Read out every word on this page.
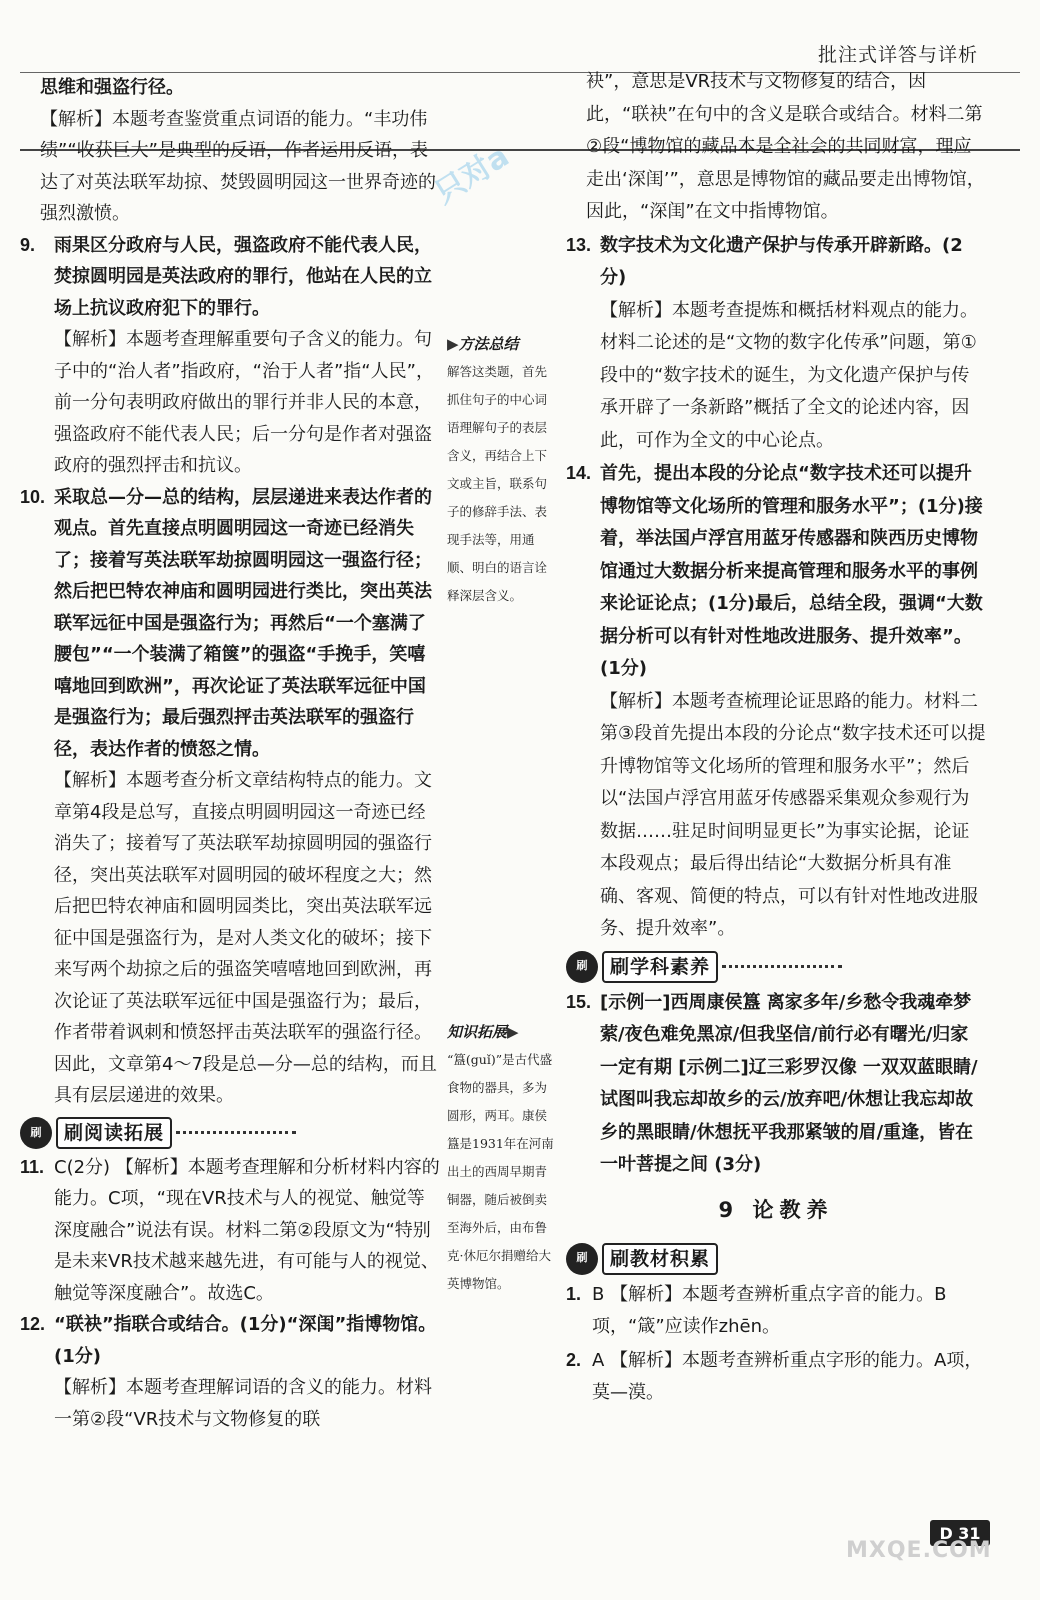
批注式详答与详析
只对a

思维和强盗行径。

【解析】本题考查鉴赏重点词语的能力。“丰功伟绩”“收获巨大”是典型的反语，作者运用反语，表达了对英法联军劫掠、焚毁圆明园这一世界奇迹的强烈激愤。

9. 雨果区分政府与人民，强盗政府不能代表人民，焚掠圆明园是英法政府的罪行，他站在人民的立场上抗议政府犯下的罪行。

【解析】本题考查理解重要句子含义的能力。句子中的“治人者”指政府，“治于人者”指“人民”，前一分句表明政府做出的罪行并非人民的本意，强盗政府不能代表人民；后一分句是作者对强盗政府的强烈抨击和抗议。

10. 采取总—分—总的结构，层层递进来表达作者的观点。首先直接点明圆明园这一奇迹已经消失了；接着写英法联军劫掠圆明园这一强盗行径；然后把巴特农神庙和圆明园进行类比，突出英法联军远征中国是强盗行为；再然后“一个塞满了腰包”“一个装满了箱箧”的强盗“手挽手，笑嘻嘻地回到欧洲”，再次论证了英法联军远征中国是强盗行为；最后强烈抨击英法联军的强盗行径，表达作者的愤怒之情。

【解析】本题考查分析文章结构特点的能力。文章第4段是总写，直接点明圆明园这一奇迹已经消失了；接着写了英法联军劫掠圆明园的强盗行径，突出英法联军对圆明园的破坏程度之大；然后把巴特农神庙和圆明园类比，突出英法联军远征中国是强盗行为，是对人类文化的破坏；接下来写两个劫掠之后的强盗笑嘻嘻地回到欧洲，再次论证了英法联军远征中国是强盗行为；最后，作者带着讽刺和愤怒抨击英法联军的强盗行径。因此，文章第4～7段是总—分—总的结构，而且具有层层递进的效果。

刷	刷阅读拓展
11. C(2分) 【解析】本题考查理解和分析材料内容的能力。C项，“现在VR技术与人的视觉、触觉等深度融合”说法有误。材料二第②段原文为“特别是未来VR技术越来越先进，有可能与人的视觉、触觉等深度融合”。故选C。
12. “联袂”指联合或结合。(1分)“深闺”指博物馆。(1分)

【解析】本题考查理解词语的含义的能力。材料一第②段“VR技术与文物修复的联

▶方法总结
解答这类题，首先抓住句子的中心词语理解句子的表层含义，再结合上下文或主旨，联系句子的修辞手法、表现手法等，用通顺、明白的语言诠释深层含义。
知识拓展▶
“簋(guǐ)”是古代盛食物的器具，多为圆形，两耳。康侯簋是1931年在河南出土的西周早期青铜器，随后被倒卖至海外后，由布鲁克·休厄尔捐赠给大英博物馆。

袂”，意思是VR技术与文物修复的结合，因此，“联袂”在句中的含义是联合或结合。材料二第②段“博物馆的藏品本是全社会的共同财富，理应走出‘深闺’”，意思是博物馆的藏品要走出博物馆，因此，“深闺”在文中指博物馆。

13. 数字技术为文化遗产保护与传承开辟新路。(2分)

【解析】本题考查提炼和概括材料观点的能力。材料二论述的是“文物的数字化传承”问题，第①段中的“数字技术的诞生，为文化遗产保护与传承开辟了一条新路”概括了全文的论述内容，因此，可作为全文的中心论点。

14. 首先，提出本段的分论点“数字技术还可以提升博物馆等文化场所的管理和服务水平”；(1分)接着，举法国卢浮宫用蓝牙传感器和陕西历史博物馆通过大数据分析来提高管理和服务水平的事例来论证论点；(1分)最后，总结全段，强调“大数据分析可以有针对性地改进服务、提升效率”。(1分)

【解析】本题考查梳理论证思路的能力。材料二第③段首先提出本段的分论点“数字技术还可以提升博物馆等文化场所的管理和服务水平”；然后以“法国卢浮宫用蓝牙传感器采集观众参观行为数据……驻足时间明显更长”为事实论据，论证本段观点；最后得出结论“大数据分析具有准确、客观、简便的特点，可以有针对性地改进服务、提升效率”。

刷	刷学科素养
15. [示例一]西周康侯簋 离家多年/乡愁令我魂牵梦萦/夜色难免黑凉/但我坚信/前行必有曙光/归家一定有期 [示例二]辽三彩罗汉像 一双双蓝眼睛/试图叫我忘却故乡的云/放弃吧/休想让我忘却故乡的黑眼睛/休想抚平我那紧皱的眉/重逢，皆在一叶菩提之间 (3分)
9 论教养
刷	刷教材积累
1. B 【解析】本题考查辨析重点字音的能力。B项，“箴”应读作zhēn。
2. A 【解析】本题考查辨析重点字形的能力。A项，莫—漠。
D 31
MXQE.COM
